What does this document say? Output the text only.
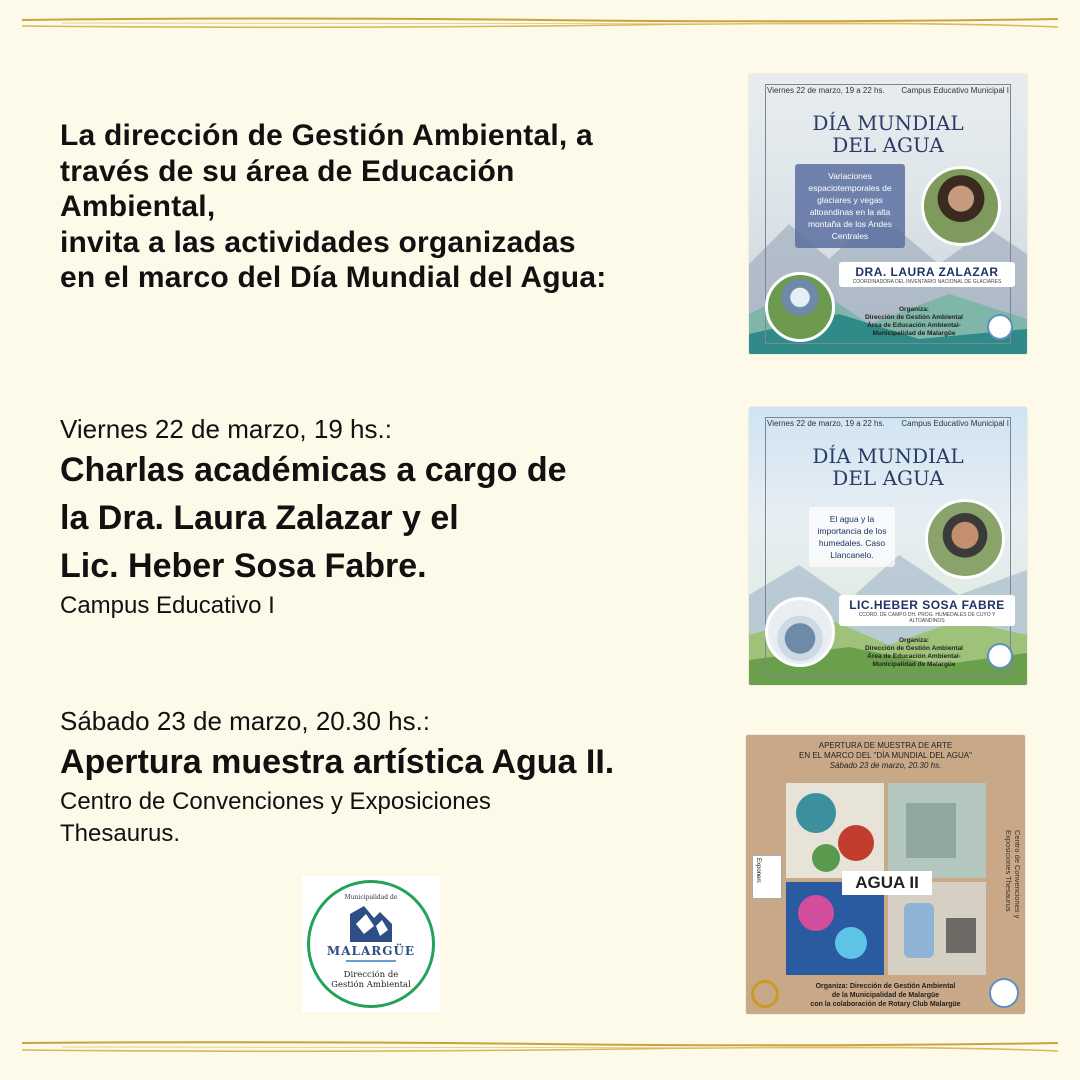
La dirección de Gestión Ambiental, a
través de su área de Educación
Ambiental,
invita a las actividades organizadas
en el marco del Día Mundial del Agua:
Viernes 22 de marzo, 19 hs.:
Charlas académicas a cargo de
la Dra. Laura Zalazar y el
Lic. Heber Sosa Fabre.
Campus Educativo I
Sábado 23 de marzo, 20.30 hs.:
Apertura muestra artística Agua II.
Centro de Convenciones y Exposiciones
Thesaurus.
Viernes 22 de marzo, 19 a 22 hs. Campus Educativo Municipal I
DÍA MUNDIAL
DEL AGUA
Variaciones espaciotemporales de glaciares y vegas altoandinas en la alta montaña de los Andes Centrales
DRA. LAURA ZALAZAR
COORDINADORA DEL INVENTARIO NACIONAL DE GLACIARES
Organiza:
Dirección de Gestión Ambiental
Área de Educación Ambiental-
Municipalidad de Malargüe
Viernes 22 de marzo, 19 a 22 hs. Campus Educativo Municipal I
DÍA MUNDIAL
DEL AGUA
El agua y la importancia de los humedales. Caso Llancanelo.
LIC.HEBER SOSA FABRE
CCORD. DE CAMPO DH. PROG. HUMEDALES DE CUYO Y ALTOANDINOS
Organiza:
Dirección de Gestión Ambiental
Área de Educación Ambiental-
Municipalidad de Malargüe
APERTURA DE MUESTRA DE ARTE
EN EL MARCO DEL "DÍA MUNDIAL DEL AGUA"
Sábado 23 de marzo, 20.30 hs.
AGUA II	Centro de Convenciones y Exposiciones Thesaurus
Exponen:
Organiza: Dirección de Gestión Ambiental
de la Municipalidad de Malargüe
con la colaboración de Rotary Club Malargüe
Municipalidad de
MALARGÜE
Dirección de
Gestión Ambiental
